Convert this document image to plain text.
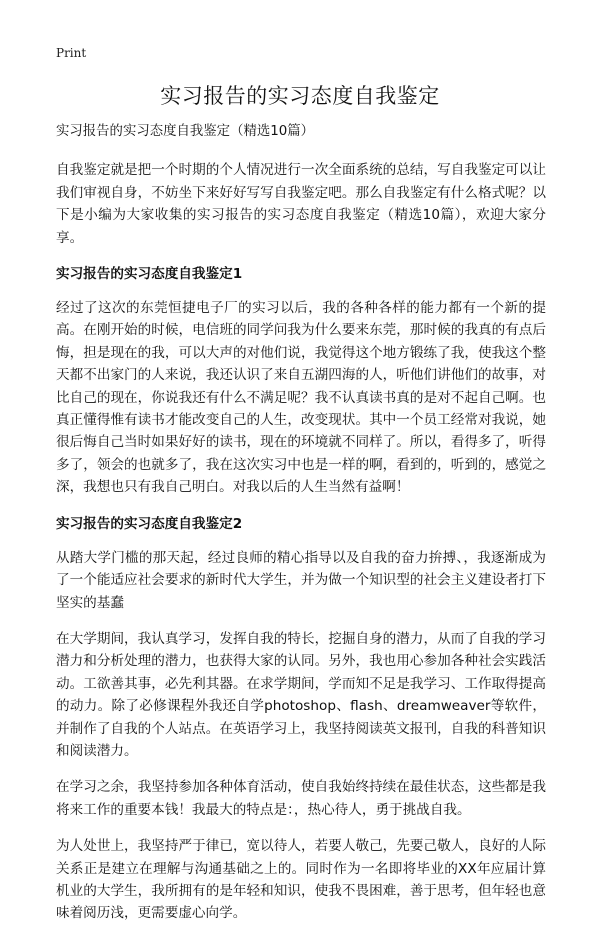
Print
实习报告的实习态度自我鉴定

实习报告的实习态度自我鉴定（精选10篇）

自我鉴定就是把一个时期的个人情况进行一次全面系统的总结，写自我鉴定可以让我们审视自身，不妨坐下来好好写写自我鉴定吧。那么自我鉴定有什么格式呢？以下是小编为大家收集的实习报告的实习态度自我鉴定（精选10篇），欢迎大家分享。

实习报告的实习态度自我鉴定1

经过了这次的东莞恒捷电子厂的实习以后，我的各种各样的能力都有一个新的提高。在刚开始的时候，电信班的同学问我为什么要来东莞，那时候的我真的有点后悔，担是现在的我，可以大声的对他们说，我觉得这个地方锻练了我，使我这个整天都不出家门的人来说，我还认识了来自五湖四海的人，听他们讲他们的故事，对比自己的现在，你说我还有什么不满足呢？我不认真读书真的是对不起自己啊。也真正懂得惟有读书才能改变自己的人生，改变现状。其中一个员工经常对我说，她很后悔自己当时如果好好的读书，现在的环境就不同样了。所以，看得多了，听得多了，领会的也就多了，我在这次实习中也是一样的啊，看到的，听到的，感觉之深，我想也只有我自己明白。对我以后的人生当然有益啊！

实习报告的实习态度自我鉴定2

从踏大学门槛的那天起，经过良师的精心指导以及自我的奋力拚搏、，我逐渐成为了一个能适应社会要求的新时代大学生，并为做一个知识型的社会主义建设者打下坚实的基蠢

在大学期间，我认真学习，发挥自我的特长，挖掘自身的潜力，从而了自我的学习潜力和分析处理的潜力，也获得大家的认同。另外，我也用心参加各种社会实践活动。工欲善其事，必先利其器。在求学期间，学而知不足是我学习、工作取得提高的动力。除了必修课程外我还自学photoshop、flash、dreamweaver等软件，并制作了自我的个人站点。在英语学习上，我坚持阅读英文报刊，自我的科普知识和阅读潜力。

在学习之余，我坚持参加各种体育活动，使自我始终持续在最佳状态，这些都是我将来工作的重要本钱！我最大的特点是：，热心待人，勇于挑战自我。

为人处世上，我坚持严于律已，宽以待人，若要人敬己，先要己敬人，良好的人际关系正是建立在理解与沟通基础之上的。同时作为一名即将毕业的XX年应届计算机业的大学生，我所拥有的是年轻和知识，使我不畏困难，善于思考，但年轻也意味着阅历浅，更需要虚心向学。
